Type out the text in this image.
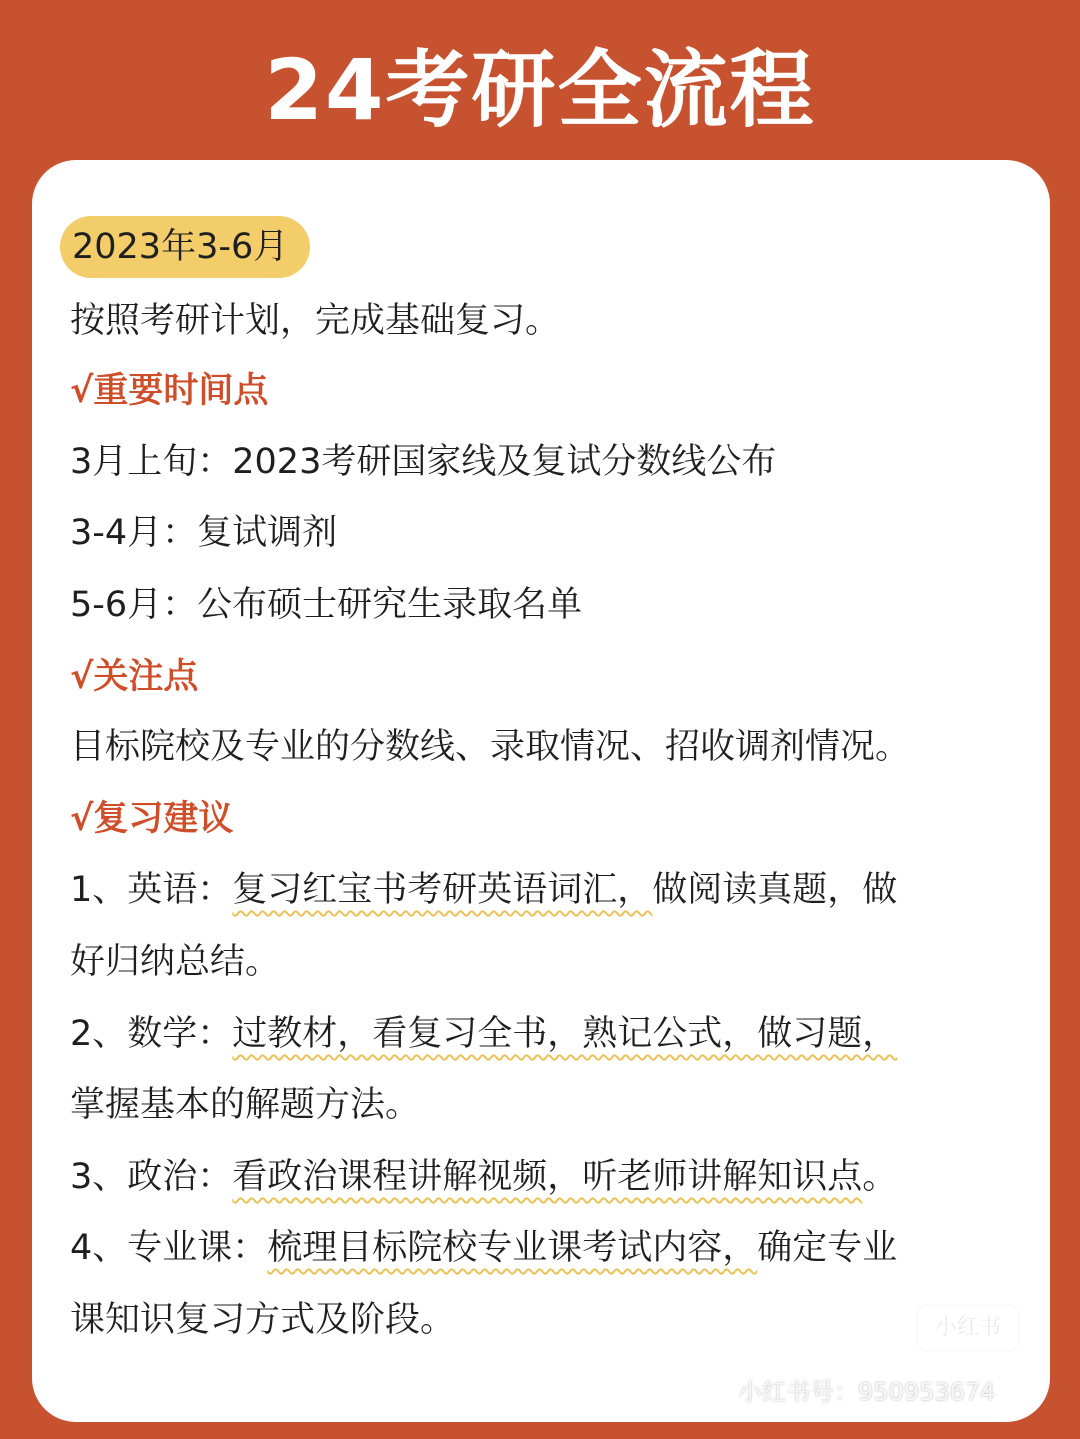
24考研全流程
2023年3-6月
按照考研计划，完成基础复习。
√重要时间点
3月上旬：2023考研国家线及复试分数线公布
3-4月：复试调剂
5-6月：公布硕士研究生录取名单
√关注点
目标院校及专业的分数线、录取情况、招收调剂情况。
√复习建议
1、英语：复习红宝书考研英语词汇，做阅读真题，做
好归纳总结。
2、数学：过教材，看复习全书，熟记公式，做习题，
掌握基本的解题方法。
3、政治：看政治课程讲解视频，听老师讲解知识点。
4、专业课：梳理目标院校专业课考试内容，确定专业
课知识复习方式及阶段。	小红书
小红书号：950953674
